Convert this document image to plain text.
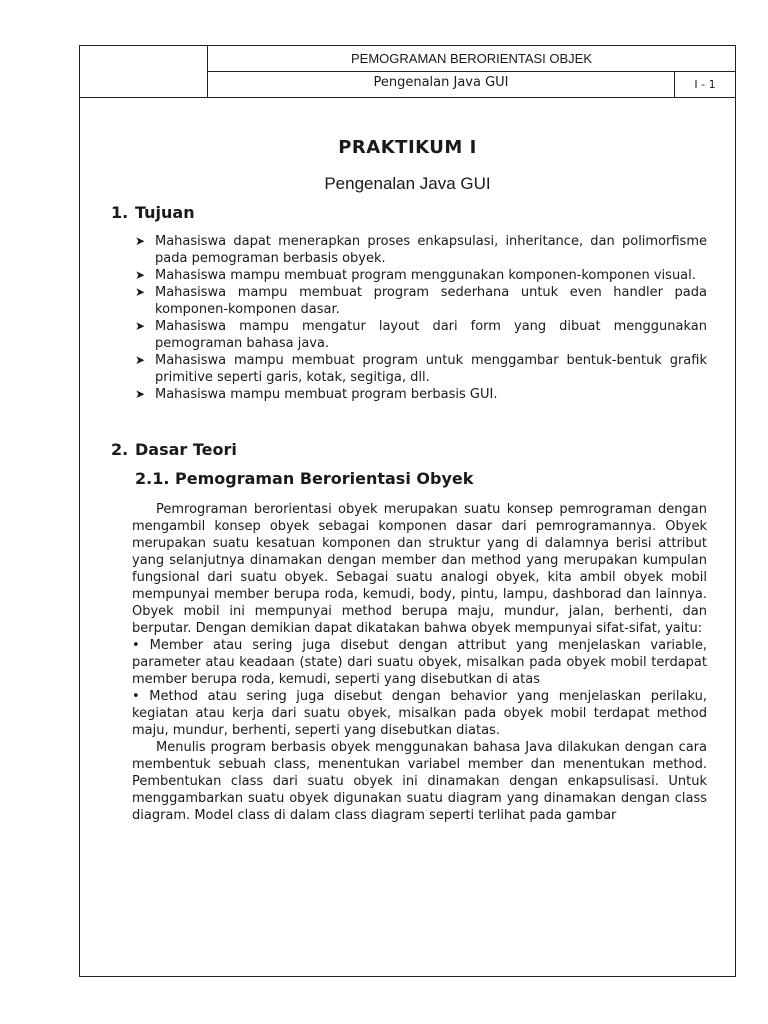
PEMOGRAMAN BERORIENTASI OBJEK
Pengenalan Java GUI	I - 1
PRAKTIKUM I
Pengenalan Java GUI
1. Tujuan
➤ Mahasiswa dapat menerapkan proses enkapsulasi, inheritance, dan polimorfisme pada pemograman berbasis obyek.
➤ Mahasiswa mampu membuat program menggunakan komponen-komponen visual.
➤ Mahasiswa mampu membuat program sederhana untuk even handler pada komponen-komponen dasar.
➤ Mahasiswa mampu mengatur layout dari form yang dibuat menggunakan pemograman bahasa java.
➤ Mahasiswa mampu membuat program untuk menggambar bentuk-bentuk grafik primitive seperti garis, kotak, segitiga, dll.
➤ Mahasiswa mampu membuat program berbasis GUI.
2. Dasar Teori
2.1. Pemograman Berorientasi Obyek

Pemrograman berorientasi obyek merupakan suatu konsep pemrograman dengan mengambil konsep obyek sebagai komponen dasar dari pemrogramannya. Obyek merupakan suatu kesatuan komponen dan struktur yang di dalamnya berisi attribut yang selanjutnya dinamakan dengan member dan method yang merupakan kumpulan fungsional dari suatu obyek. Sebagai suatu analogi obyek, kita ambil obyek mobil mempunyai member berupa roda, kemudi, body, pintu, lampu, dashborad dan lainnya. Obyek mobil ini mempunyai method berupa maju, mundur, jalan, berhenti, dan berputar. Dengan demikian dapat dikatakan bahwa obyek mempunyai sifat-sifat, yaitu:

• Member atau sering juga disebut dengan attribut yang menjelaskan variable, parameter atau keadaan (state) dari suatu obyek, misalkan pada obyek mobil terdapat member berupa roda, kemudi, seperti yang disebutkan di atas

• Method atau sering juga disebut dengan behavior yang menjelaskan perilaku, kegiatan atau kerja dari suatu obyek, misalkan pada obyek mobil terdapat method maju, mundur, berhenti, seperti yang disebutkan diatas.

Menulis program berbasis obyek menggunakan bahasa Java dilakukan dengan cara membentuk sebuah class, menentukan variabel member dan menentukan method. Pembentukan class dari suatu obyek ini dinamakan dengan enkapsulisasi. Untuk menggambarkan suatu obyek digunakan suatu diagram yang dinamakan dengan class diagram. Model class di dalam class diagram seperti terlihat pada gambar
